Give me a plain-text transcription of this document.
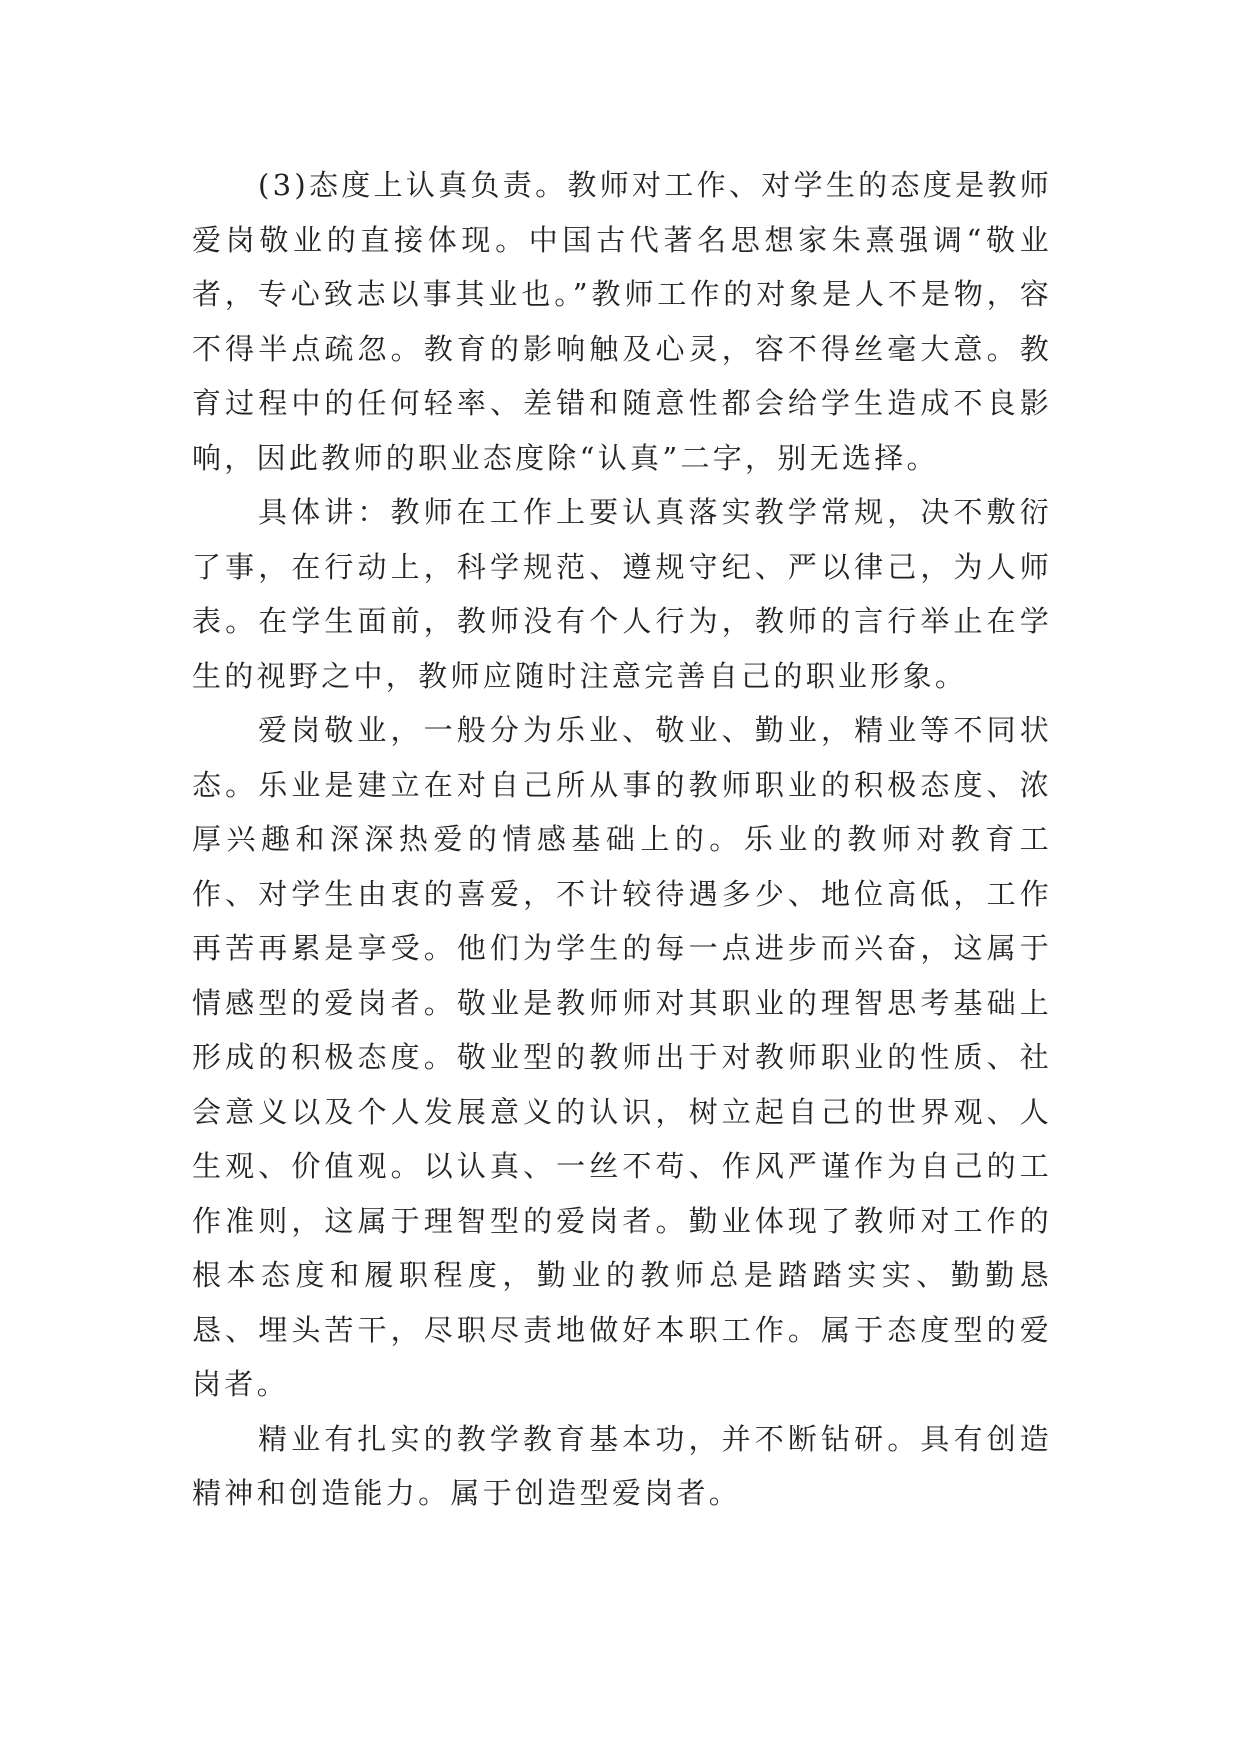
(3)态度上认真负责。教师对工作、对学生的态度是教师爱岗敬业的直接体现。中国古代著名思想家朱熹强调“敬业者，专心致志以事其业也。”教师工作的对象是人不是物，容不得半点疏忽。教育的影响触及心灵，容不得丝毫大意。教育过程中的任何轻率、差错和随意性都会给学生造成不良影响，因此教师的职业态度除“认真”二字，别无选择。

具体讲：教师在工作上要认真落实教学常规，决不敷衍了事，在行动上，科学规范、遵规守纪、严以律己，为人师表。在学生面前，教师没有个人行为，教师的言行举止在学生的视野之中，教师应随时注意完善自己的职业形象。

爱岗敬业，一般分为乐业、敬业、勤业，精业等不同状态。乐业是建立在对自己所从事的教师职业的积极态度、浓厚兴趣和深深热爱的情感基础上的。乐业的教师对教育工作、对学生由衷的喜爱，不计较待遇多少、地位高低，工作再苦再累是享受。他们为学生的每一点进步而兴奋，这属于情感型的爱岗者。敬业是教师师对其职业的理智思考基础上形成的积极态度。敬业型的教师出于对教师职业的性质、社会意义以及个人发展意义的认识，树立起自己的世界观、人生观、价值观。以认真、一丝不苟、作风严谨作为自己的工作准则，这属于理智型的爱岗者。勤业体现了教师对工作的根本态度和履职程度，勤业的教师总是踏踏实实、勤勤恳恳、埋头苦干，尽职尽责地做好本职工作。属于态度型的爱岗者。

精业有扎实的教学教育基本功，并不断钻研。具有创造精神和创造能力。属于创造型爱岗者。
